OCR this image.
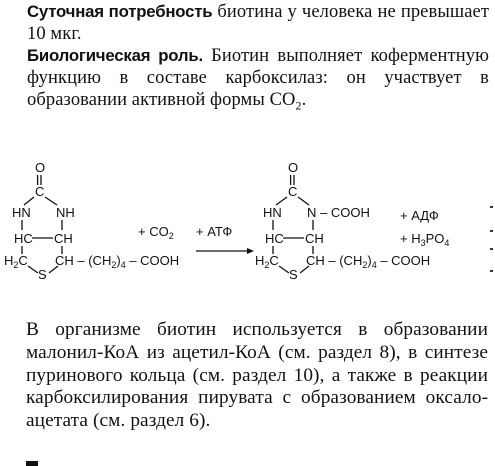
Суточная потребность биотина у человека не превышает 10 мкг.
Биологическая роль. Биотин выполняет коферментную функцию в составе карбоксилаз: он участвует в образовании активной формы $CO_2$.
O
C
HN NH
HC CH
$H_2C$
S
CH – $(CH_2)_4$ – COOH
+ $CO_2$ + АТФ
O
C
HN N – COOH
HC CH
$H_2C$
S
CH – $(CH_2)_4$ – COOH
+ АДФ
+ $H_3PO_4$
В организме биотин используется в образовании малонил-КоА из ацетил-КоА (см. раздел 8), в синтезе пуринового кольца (см. раздел 10), а также в реакции карбоксилирования пирувата с образованием оксалоацетата (см. раздел 6).
